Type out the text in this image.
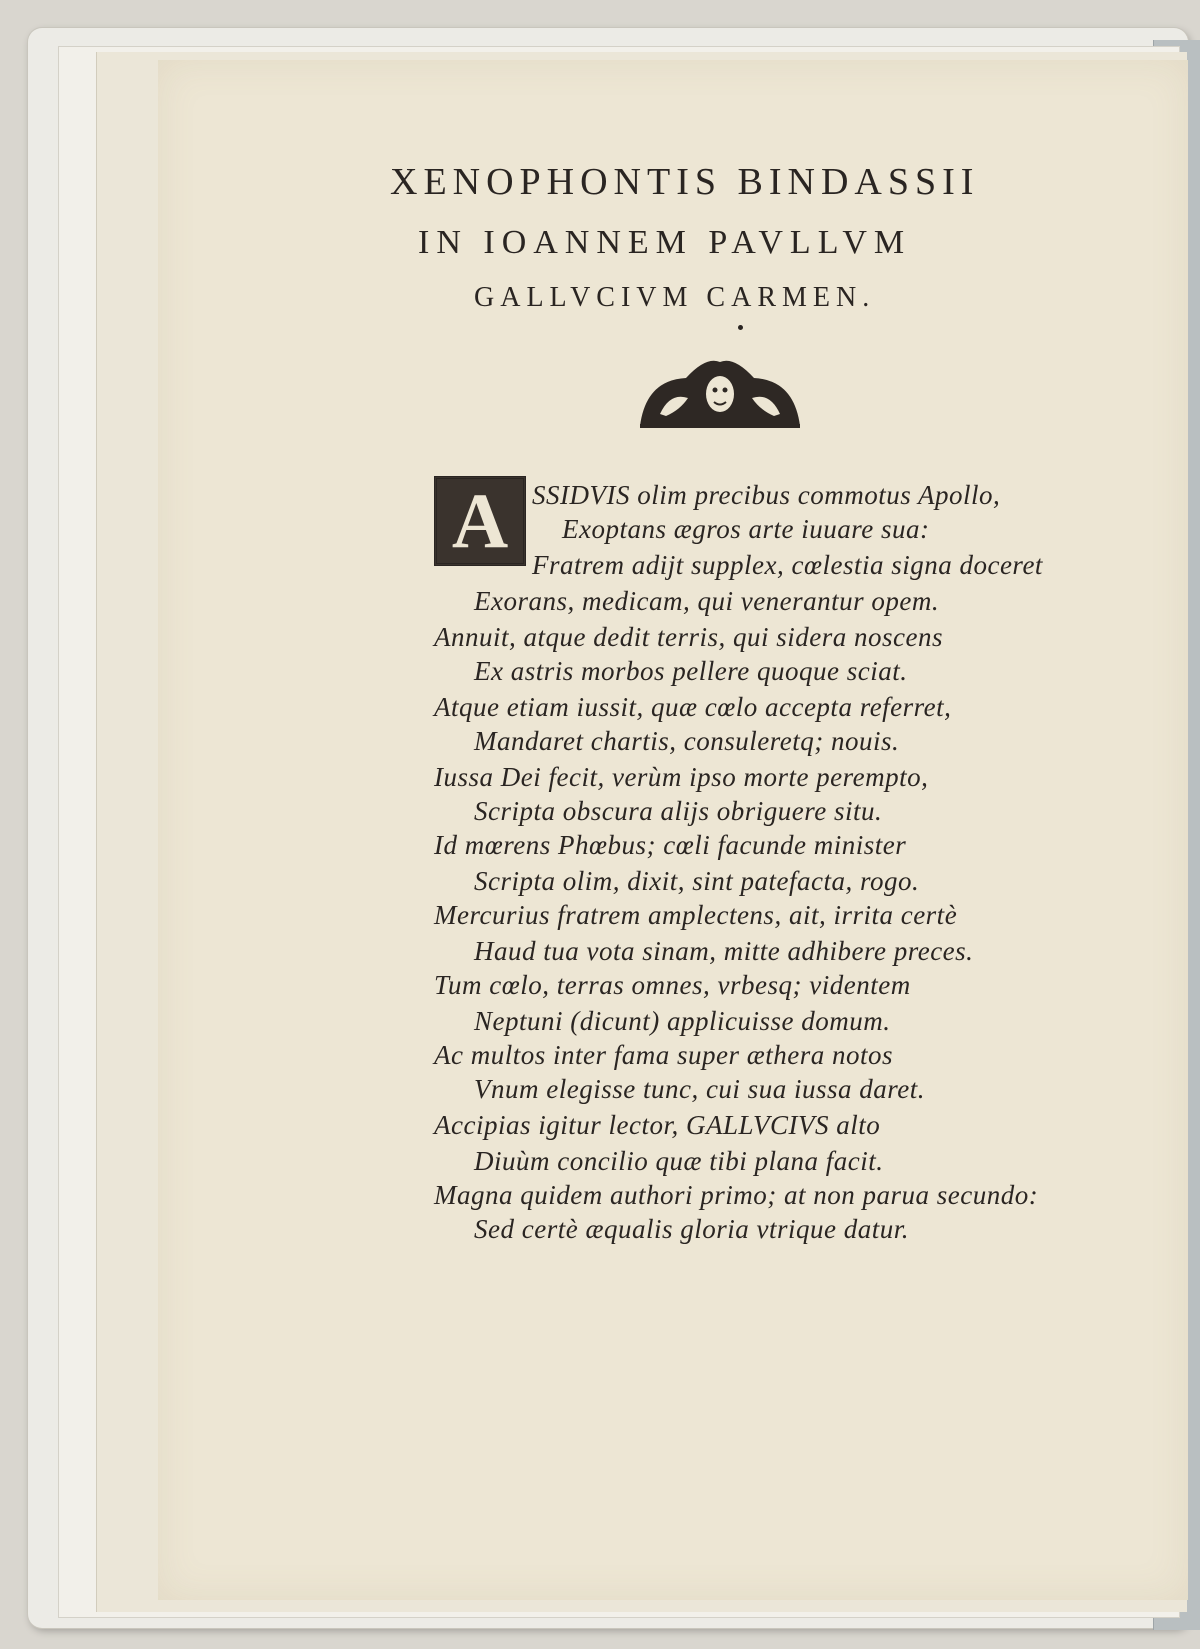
XENOPHONTIS BINDASSII
IN IOANNEM PAVLLVM
GALLVCIVM CARMEN.
A SSIDVIS olim precibus commotus Apollo,
Exoptans ægros arte iuuare sua:
Fratrem adijt supplex, cœlestia signa doceret
Exorans, medicam, qui venerantur opem.
Annuit, atque dedit terris, qui sidera noscens
Ex astris morbos pellere quoque sciat.
Atque etiam iussit, quæ cœlo accepta referret,
Mandaret chartis, consuleretq; nouis.
Iussa Dei fecit, verùm ipso morte perempto,
Scripta obscura alijs obriguere situ.
Id mœrens Phœbus; cœli facunde minister
Scripta olim, dixit, sint patefacta, rogo.
Mercurius fratrem amplectens, ait, irrita certè
Haud tua vota sinam, mitte adhibere preces.
Tum cœlo, terras omnes, vrbesq; videntem
Neptuni (dicunt) applicuisse domum.
Ac multos inter fama super æthera notos
Vnum elegisse tunc, cui sua iussa daret.
Accipias igitur lector, GALLVCIVS alto
Diuùm concilio quæ tibi plana facit.
Magna quidem authori primo; at non parua secundo:
Sed certè æqualis gloria vtrique datur.
